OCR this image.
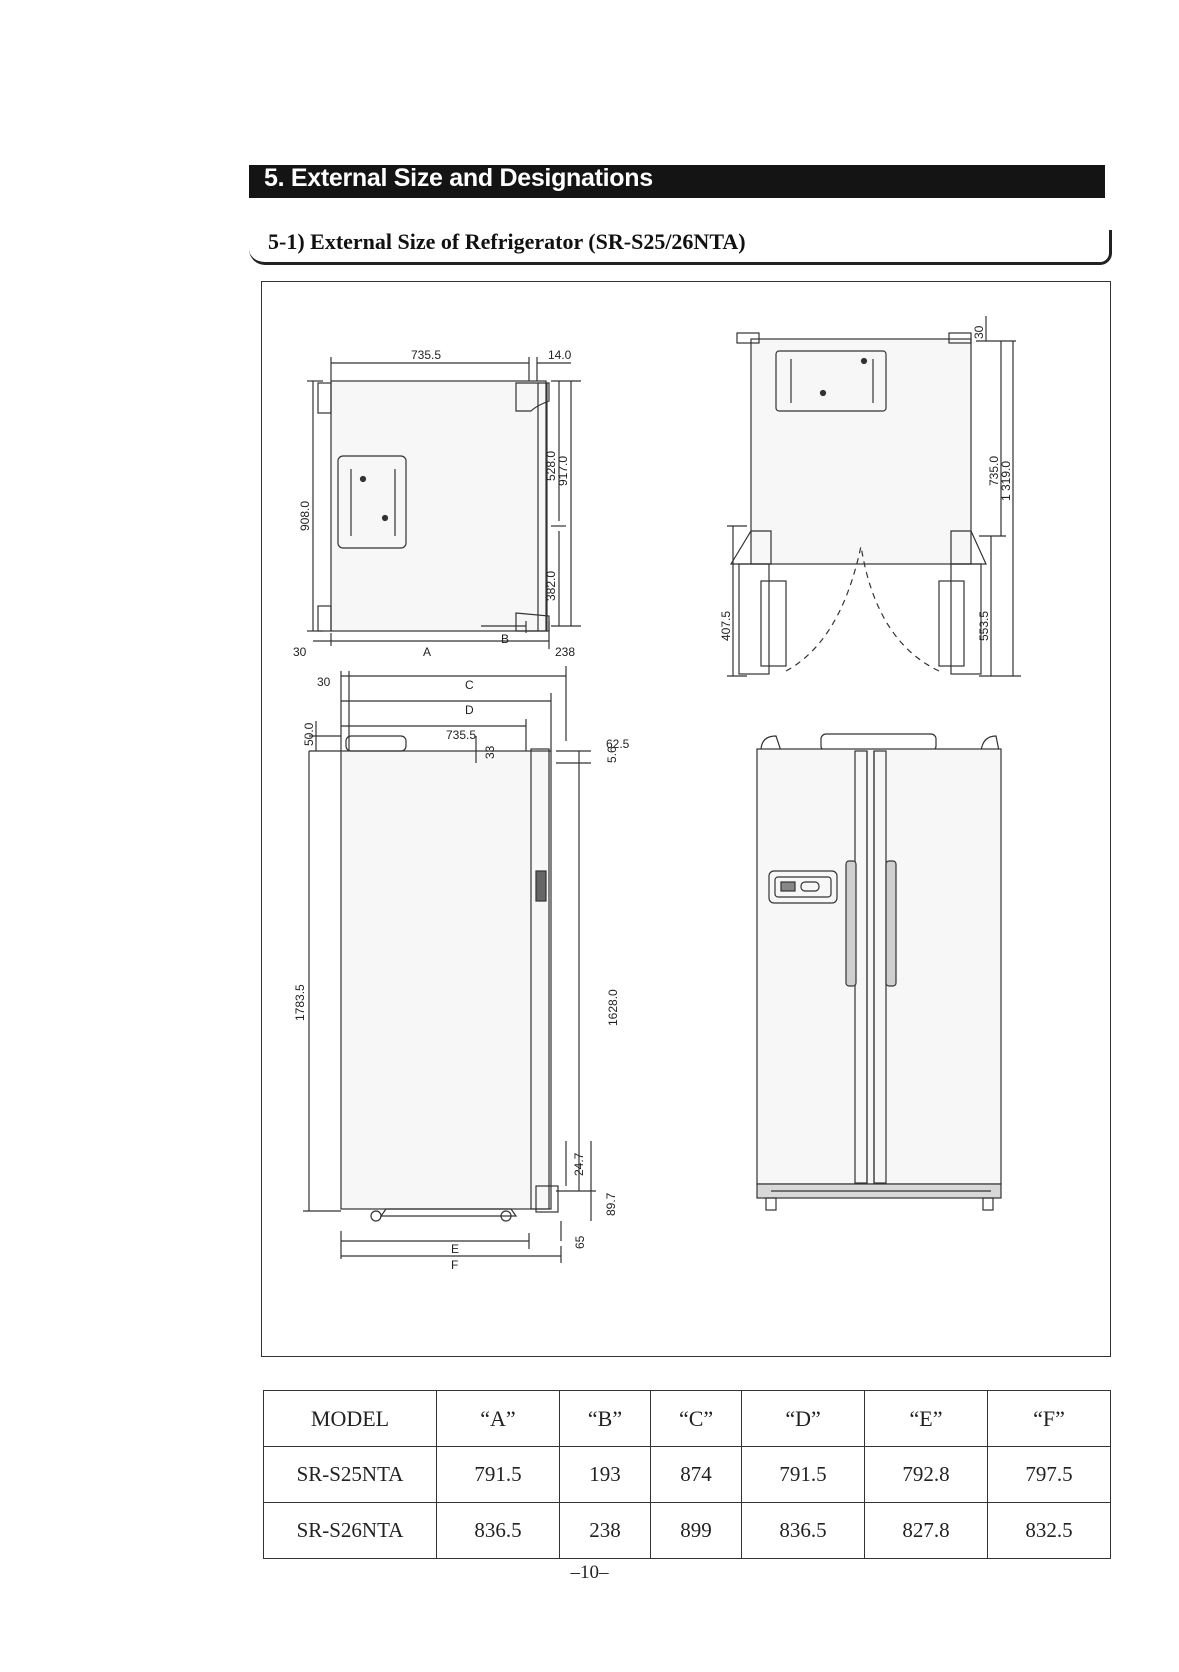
5. External Size and Designations
5-1) External Size of Refrigerator (SR-S25/26NTA)
735.5	14.0
908.0
528.0
917.0
382.0
30	A
B
238
30
735.0
1 319.0
407.5	553.5
30	C
D
62.5
735.5
50.0
33	5.6
1783.5	1628.0
24.7
89.7
65
E
F
MODEL	“A”	“B”	“C”	“D”	“E”	“F”
SR-S25NTA	791.5	193	874	791.5	792.8	797.5
SR-S26NTA	836.5	238	899	836.5	827.8	832.5
–10–
